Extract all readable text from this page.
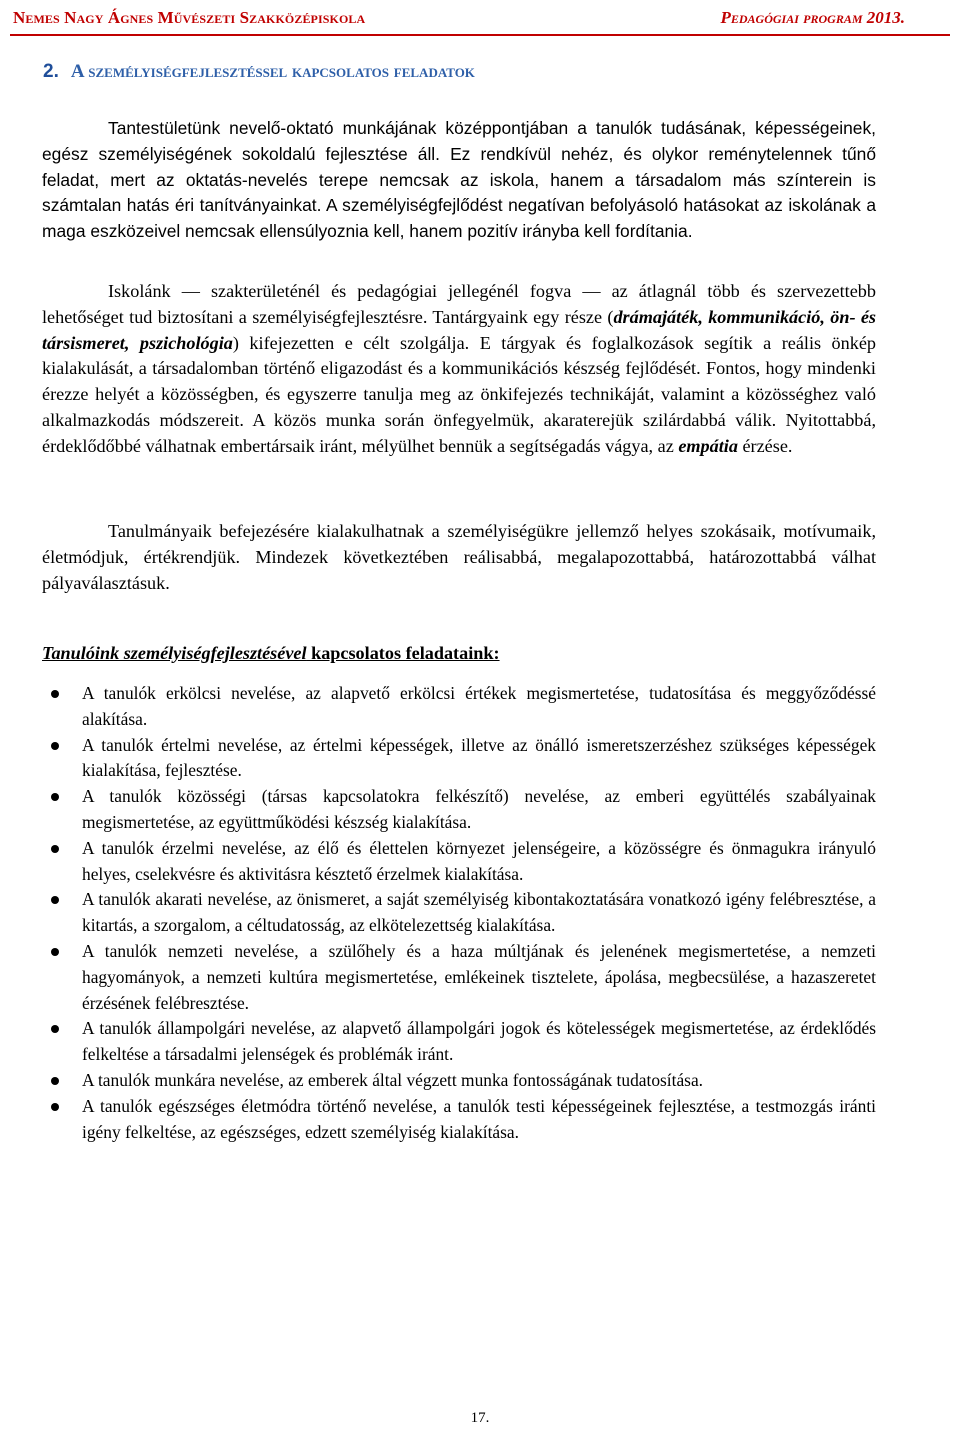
Nemes Nagy Ágnes Művészeti Szakközépiskola	Pedagógiai program 2013.
2. A személyiségfejlesztéssel kapcsolatos feladatok
Tantestületünk nevelő-oktató munkájának középpontjában a tanulók tudásának, képességeinek, egész személyiségének sokoldalú fejlesztése áll. Ez rendkívül nehéz, és olykor reménytelennek tűnő feladat, mert az oktatás-nevelés terepe nemcsak az iskola, hanem a társadalom más színterein is számtalan hatás éri tanítványainkat. A személyiségfejlődést negatívan befolyásoló hatásokat az iskolának a maga eszközeivel nemcsak ellensúlyoznia kell, hanem pozitív irányba kell fordítania.
Iskolánk ― szakterületénél és pedagógiai jellegénél fogva ― az átlagnál több és szervezettebb lehetőséget tud biztosítani a személyiségfejlesztésre. Tantárgyaink egy része (drámajáték, kommunikáció, ön- és társismeret, pszichológia) kifejezetten e célt szolgálja. E tárgyak és foglalkozások segítik a reális önkép kialakulását, a társadalomban történő eligazodást és a kommunikációs készség fejlődését. Fontos, hogy mindenki érezze helyét a közösségben, és egyszerre tanulja meg az önkifejezés technikáját, valamint a közösséghez való alkalmazkodás módszereit. A közös munka során önfegyelmük, akaraterejük szilárdabbá válik. Nyitottabbá, érdeklődőbbé válhatnak embertársaik iránt, mélyülhet bennük a segítségadás vágya, az empátia érzése.
Tanulmányaik befejezésére kialakulhatnak a személyiségükre jellemző helyes szokásaik, motívumaik, életmódjuk, értékrendjük. Mindezek következtében reálisabbá, megalapozottabbá, határozottabbá válhat pályaválasztásuk.
Tanulóink személyiségfejlesztésével kapcsolatos feladataink:
A tanulók erkölcsi nevelése, az alapvető erkölcsi értékek megismertetése, tudatosítása és meggyőződéssé alakítása.
A tanulók értelmi nevelése, az értelmi képességek, illetve az önálló ismeretszerzéshez szükséges képességek kialakítása, fejlesztése.
A tanulók közösségi (társas kapcsolatokra felkészítő) nevelése, az emberi együttélés szabályainak megismertetése, az együttműködési készség kialakítása.
A tanulók érzelmi nevelése, az élő és élettelen környezet jelenségeire, a közösségre és önmagukra irányuló helyes, cselekvésre és aktivitásra késztető érzelmek kialakítása.
A tanulók akarati nevelése, az önismeret, a saját személyiség kibontakoztatására vonatkozó igény felébresztése, a kitartás, a szorgalom, a céltudatosság, az elkötelezettség kialakítása.
A tanulók nemzeti nevelése, a szülőhely és a haza múltjának és jelenének megismertetése, a nemzeti hagyományok, a nemzeti kultúra megismertetése, emlékeinek tisztelete, ápolása, megbecsülése, a hazaszeretet érzésének felébresztése.
A tanulók állampolgári nevelése, az alapvető állampolgári jogok és kötelességek megismertetése, az érdeklődés felkeltése a társadalmi jelenségek és problémák iránt.
A tanulók munkára nevelése, az emberek által végzett munka fontosságának tudatosítása.
A tanulók egészséges életmódra történő nevelése, a tanulók testi képességeinek fejlesztése, a testmozgás iránti igény felkeltése, az egészséges, edzett személyiség kialakítása.
17.
